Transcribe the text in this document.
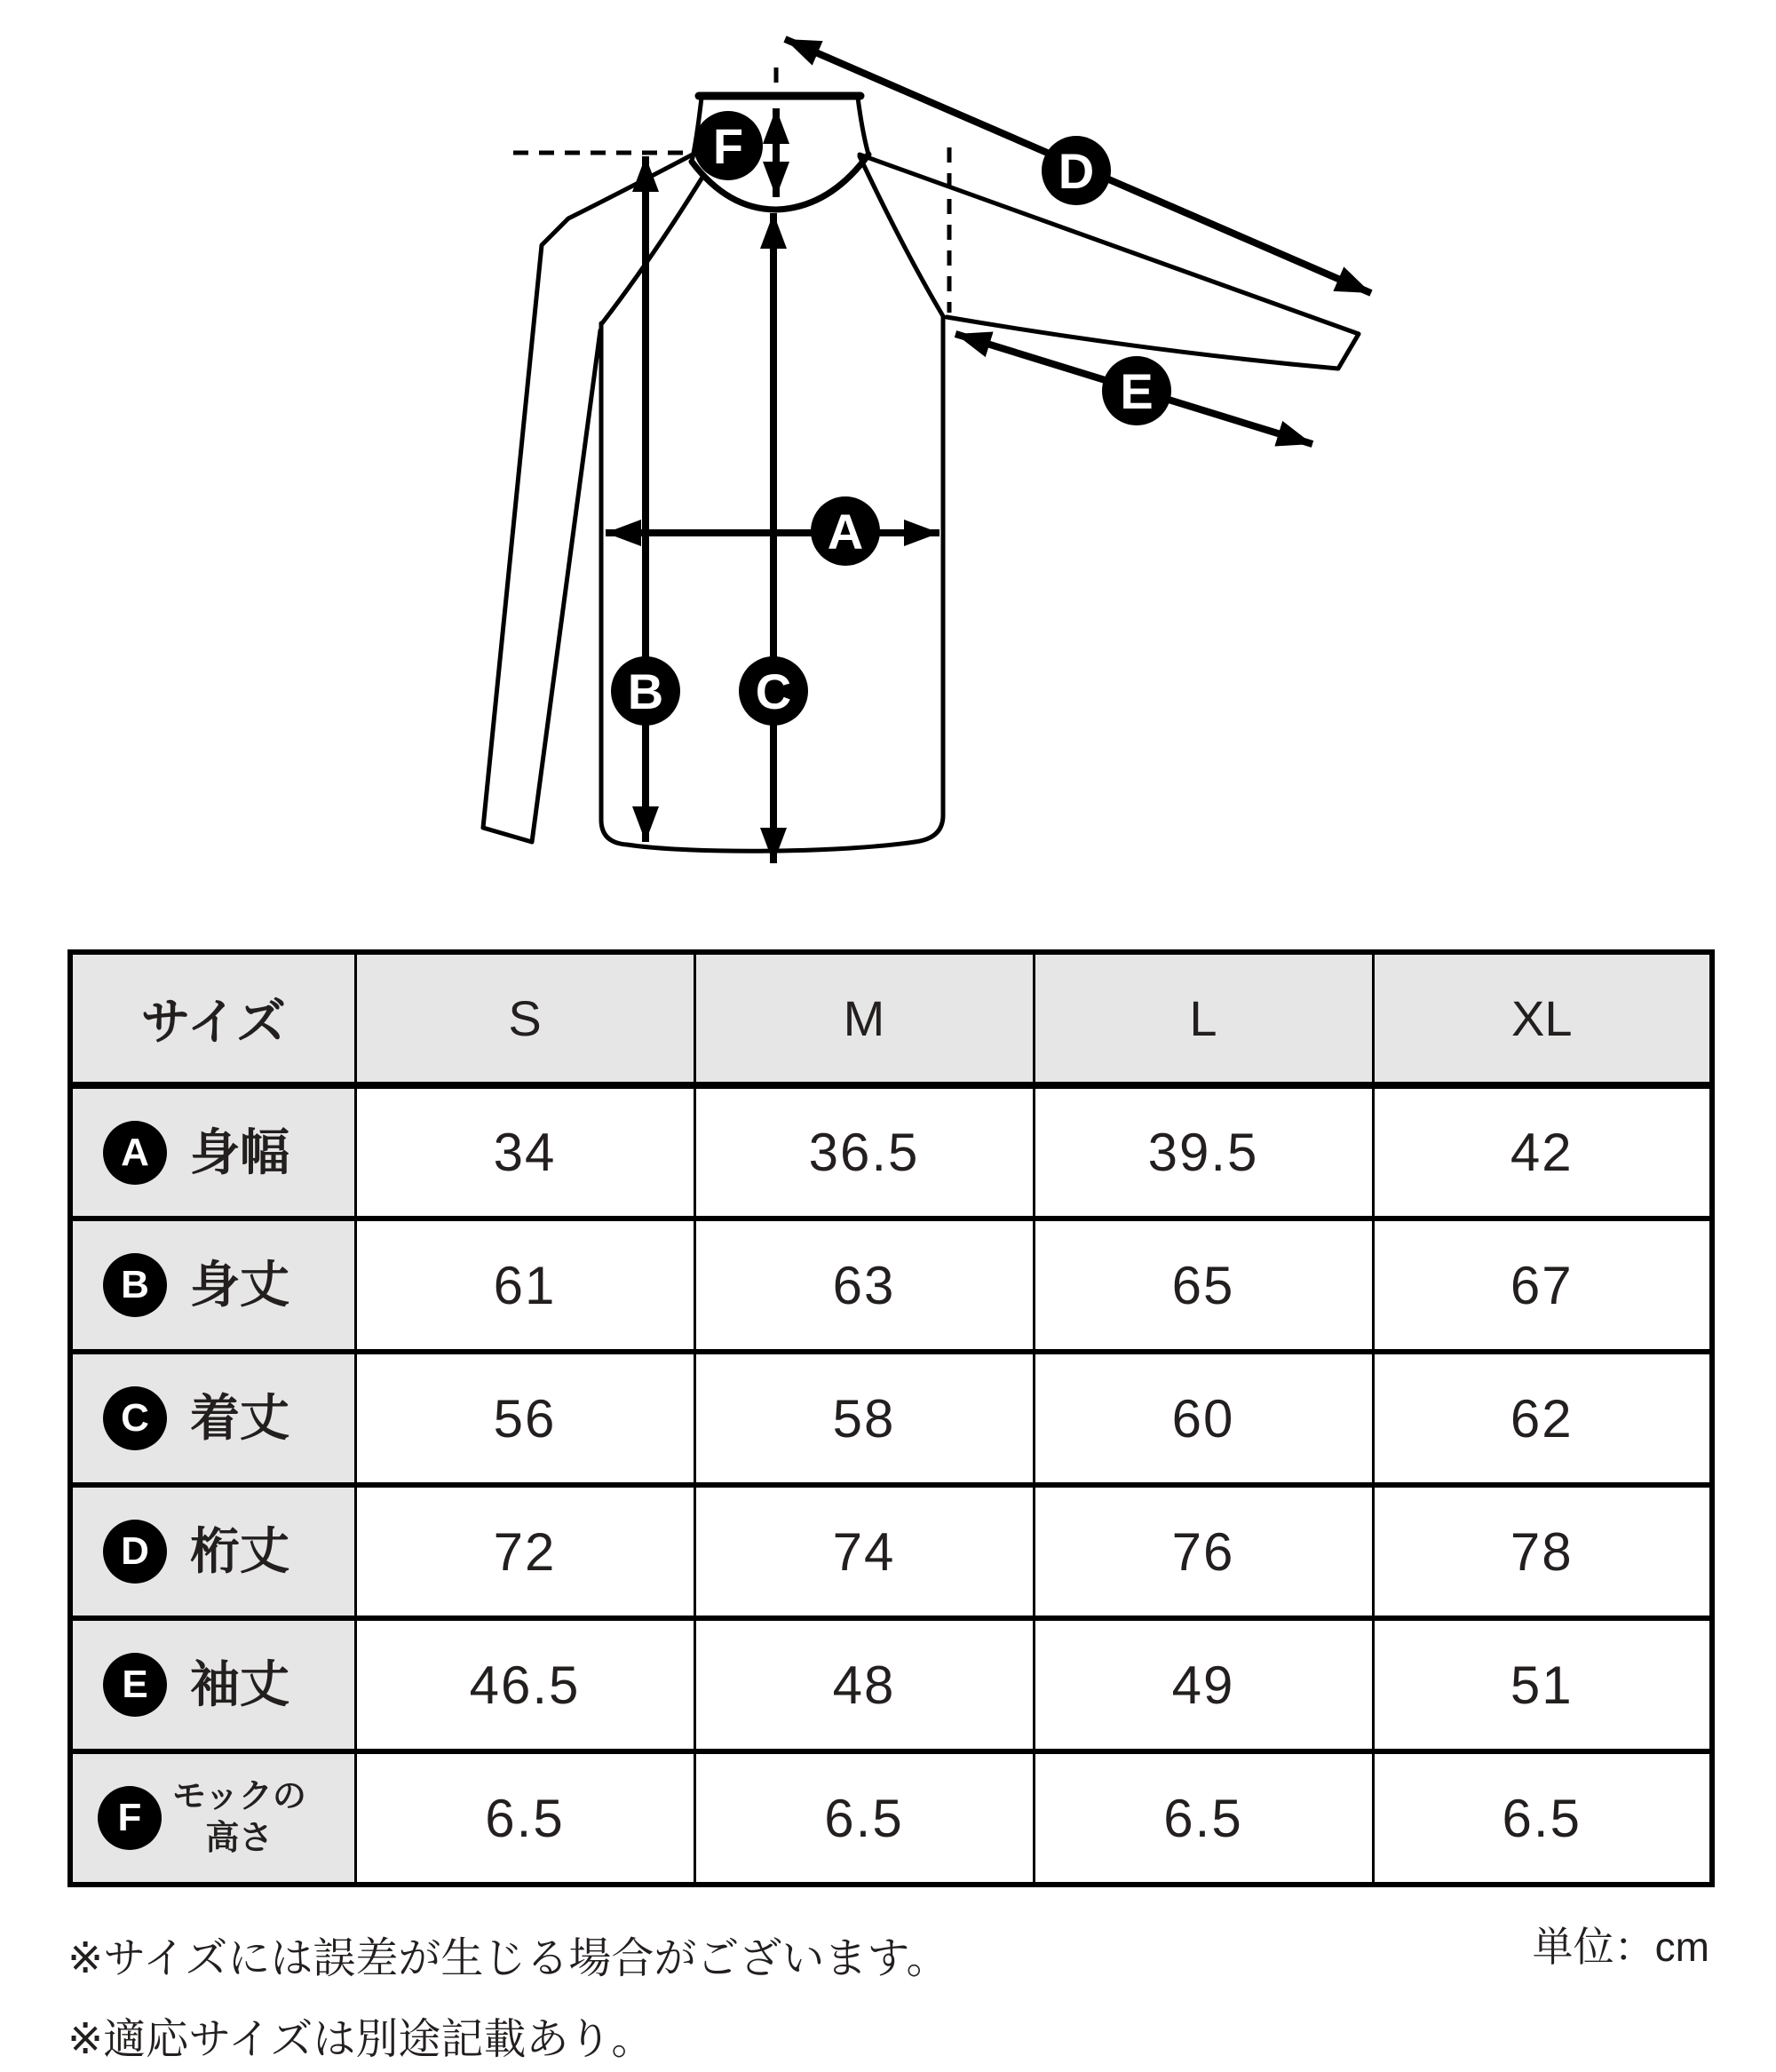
F	D
E
A
B C
サイズ	S	M	L	XL

A 身幅	34	36.5	39.5	42

B 身丈	61	63	65	67

C 着丈	56	58	60	62

D 桁丈	72	74	76	78

E 袖丈	46.5	48	49	51

F モックの
高さ	6.5	6.5	6.5	6.5
※サイズには誤差が生じる場合がございます。
※適応サイズは別途記載あり。
単位：cm
